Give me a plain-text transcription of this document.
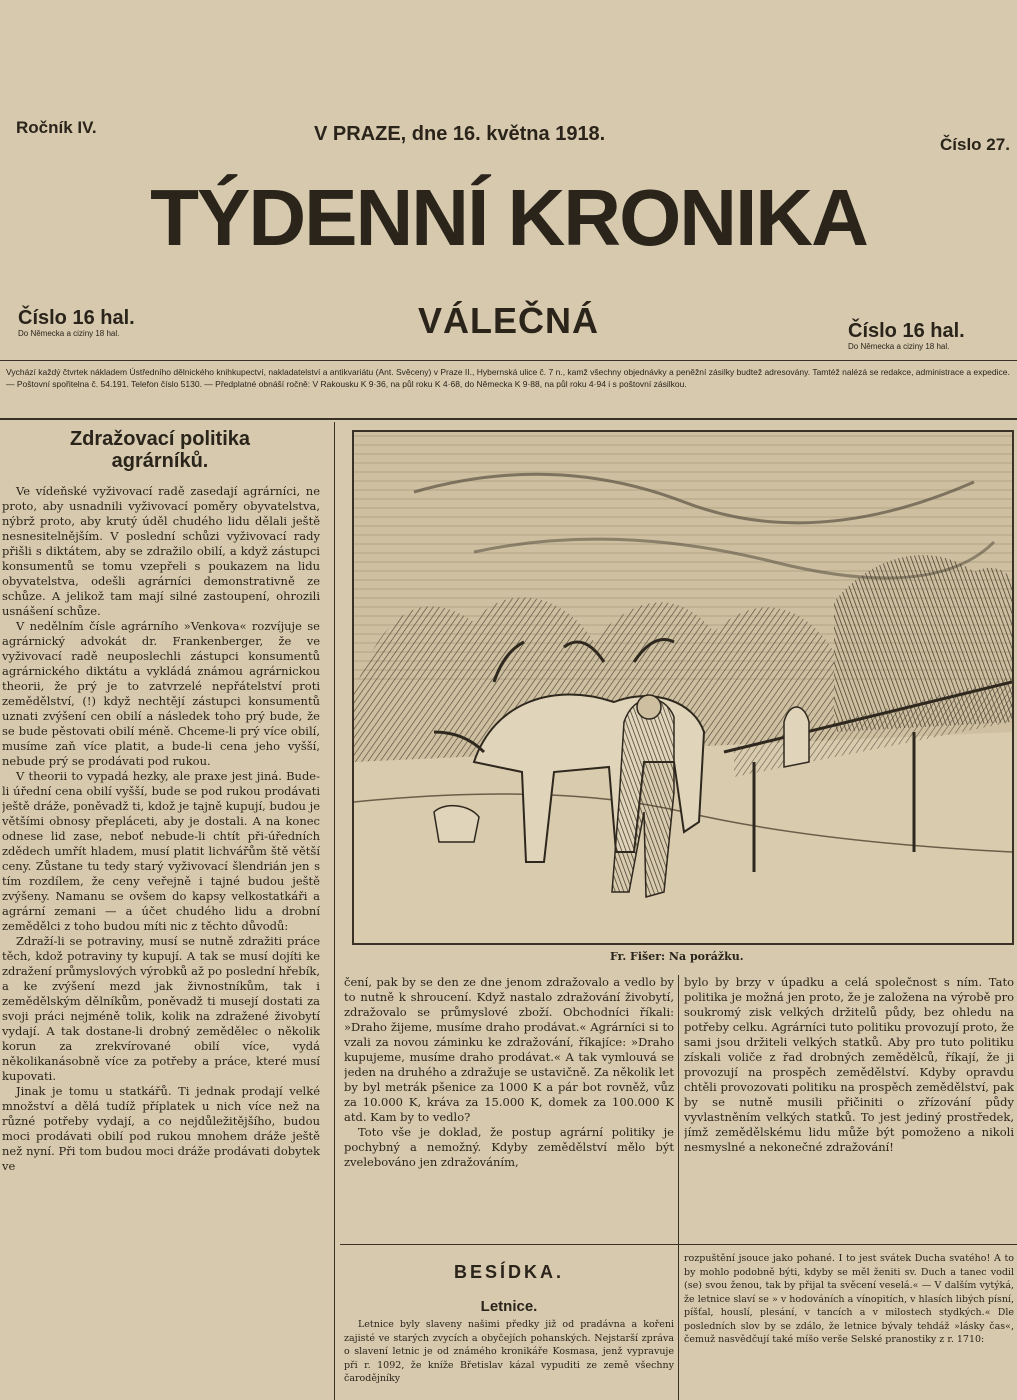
Ročník IV.	V PRAZE, dne 16. května 1918.	Číslo 27.
TÝDENNÍ KRONIKA
VÁLEČNÁ
Číslo 16 hal.
Do Německa a ciziny 18 hal.	Číslo 16 hal.
Do Německa a ciziny 18 hal.
Vychází každý čtvrtek nákladem Ústředního dělnického knihkupectví, nakladatelství a antikvariátu (Ant. Svěceny) v Praze II., Hybernská ulice č. 7 n., kamž všechny objednávky a peněžní zásilky budtež adresovány. Tamtéž nalézá se redakce, administrace a expedice. — Poštovní spořitelna č. 54.191. Telefon číslo 5130. — Předplatné obnáší ročně: V Rakousku K 9·36, na půl roku K 4·68, do Německa K 9·88, na půl roku 4·94 i s poštovní zásilkou.
Zdražovací politika agrárníků.

Ve vídeňské vyživovací radě zasedají agrárníci, ne proto, aby usnadnili vyživovací poměry obyvatelstva, nýbrž proto, aby krutý úděl chudého lidu dělali ještě nesnesitelnějším. V poslední schůzi vyživovací rady přišli s diktátem, aby se zdražilo obilí, a když zástupci konsumentů se tomu vzepřeli s poukazem na lidu obyvatelstva, odešli agrárníci demonstrativně ze schůze. A jelikož tam mají silné zastoupení, ohrozili usnášení schůze.

V nedělním čísle agrárního »Venkova« rozvíjuje se agrárnický advokát dr. Frankenberger, že ve vyživovací radě neuposlechli zástupci konsumentů agrárnického diktátu a vykládá známou agrárnickou theorii, že prý je to zatvrzelé nepřátelství proti zemědělství, (!) když nechtějí zástupci konsumentů uznati zvýšení cen obilí a následek toho prý bude, že se bude pěstovati obilí méně. Chceme-li prý více obilí, musíme zaň více platit, a bude-li cena jeho vyšší, nebude prý se prodávati pod rukou.

V theorii to vypadá hezky, ale praxe jest jiná. Bude-li úřední cena obilí vyšší, bude se pod rukou prodávati ještě dráže, poněvadž ti, kdož je tajně kupují, budou je většími obnosy přepláceti, aby je dostali. A na konec odnese lid zase, neboť nebude-li chtít při-úředních zdědech umřít hladem, musí platit lichvářům ště větší ceny. Zůstane tu tedy starý vyživovací šlendrián jen s tím rozdílem, že ceny veřejně i tajné budou ještě zvýšeny. Namanu se ovšem do kapsy velkostatkáři a agrární zemani — a účet chudého lidu a drobní zemědělci z toho budou míti nic z těchto důvodů:

Zdraží-li se potraviny, musí se nutně zdražiti práce těch, kdož potraviny ty kupují. A tak se musí dojíti ke zdražení průmyslových výrobků až po poslední hřebík, a ke zvýšení mezd jak živnostníkům, tak i zemědělským dělníkům, poněvadž ti musejí dostati za svoji práci nejméně tolik, kolik na zdražené živobytí vydají. A tak dostane-li drobný zemědělec o několik korun za zrekvírované obilí více, vydá několikanásobně více za potřeby a práce, které musí kupovati.

Jinak je tomu u statkářů. Ti jednak prodají velké množství a dělá tudíž příplatek u nich více než na různé potřeby vydají, a co nejdůležitějšího, budou moci prodávati obilí pod rukou mnohem dráže ještě než nyní. Při tom budou moci dráže prodávati dobytek ve

Fr. Fišer: Na porážku.

čení, pak by se den ze dne jenom zdražovalo a vedlo by to nutně k shroucení. Když nastalo zdražování živobytí, zdražovalo se průmyslové zboží. Obchodníci říkali: »Draho žijeme, musíme draho prodávat.« Agrárníci si to vzali za novou záminku ke zdražování, říkajíce: »Draho kupujeme, musíme draho prodávat.« A tak vymlouvá se jeden na druhého a zdražuje se ustavičně. Za několik let by byl metrák pšenice za 1000 K a pár bot rovněž, vůz za 10.000 K, kráva za 15.000 K, domek za 100.000 K atd. Kam by to vedlo?

Toto vše je doklad, že postup agrární politiky je pochybný a nemožný. Kdyby zemědělství mělo být zvelebováno jen zdražováním,

bylo by brzy v úpadku a celá společnost s ním. Tato politika je možná jen proto, že je založena na výrobě pro soukromý zisk velkých držitelů půdy, bez ohledu na potřeby celku. Agrárníci tuto politiku provozují proto, že sami jsou držiteli velkých statků. Aby pro tuto politiku získali voliče z řad drobných zemědělců, říkají, že ji provozují na prospěch zemědělství. Kdyby opravdu chtěli provozovati politiku na prospěch zemědělství, pak by se nutně musili přičiniti o zřízování půdy vyvlastněním velkých statků. To jest jediný prostředek, jímž zemědělskému lidu může být pomoženo a nikoli nesmyslné a nekonečné zdražování!

BESÍDKA.
Letnice.

Letnice byly slaveny našimi předky již od pradávna a kořeni zajisté ve starých zvycích a obyčejích pohanských. Nejstarší zpráva o slavení letnic je od známého kronikáře Kosmasa, jenž vypravuje při r. 1092, že kníže Břetislav kázal vypuditi ze země všechny čarodějníky

rozpuštění jsouce jako pohané. I to jest svátek Ducha svatého! A to by mohlo podobně býti, kdyby se měl ženiti sv. Duch a tanec vodil (se) svou ženou, tak by přijal ta svěcení veselá.« — V dalším vytýká, že letnice slaví se » v hodováních a vínopitích, v hlasích libých písní, píšťal, houslí, plesání, v tancích a v milostech stydkých.« Dle posledních slov by se zdálo, že letnice bývaly tehdáž »lásky čas«, čemuž nasvědčují také míšo verše Selské pranostiky z r. 1710:
